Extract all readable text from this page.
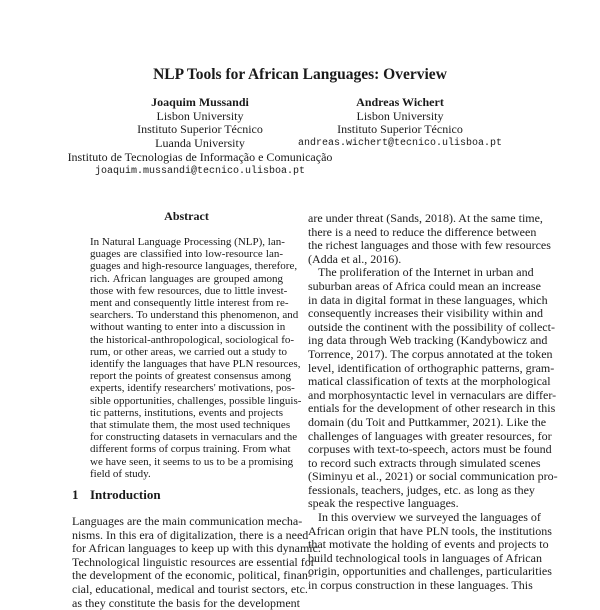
NLP Tools for African Languages: Overview
Joaquim Mussandi
Lisbon University
Instituto Superior Técnico
Luanda University
Instituto de Tecnologias de Informação e Comunicação
joaquim.mussandi@tecnico.ulisboa.pt
Andreas Wichert
Lisbon University
Instituto Superior Técnico
andreas.wichert@tecnico.ulisboa.pt
Abstract
In Natural Language Processing (NLP), lan-
guages are classified into low-resource lan-
guages and high-resource languages, therefore,
rich. African languages are grouped among
those with few resources, due to little invest-
ment and consequently little interest from re-
searchers. To understand this phenomenon, and
without wanting to enter into a discussion in
the historical-anthropological, sociological fo-
rum, or other areas, we carried out a study to
identify the languages that have PLN resources,
report the points of greatest consensus among
experts, identify researchers' motivations, pos-
sible opportunities, challenges, possible linguis-
tic patterns, institutions, events and projects
that stimulate them, the most used techniques
for constructing datasets in vernaculars and the
different forms of corpus training. From what
we have seen, it seems to us to be a promising
field of study.
1 Introduction
Languages are the main communication mecha-
nisms. In this era of digitalization, there is a need
for African languages to keep up with this dynamic.
Technological linguistic resources are essential for
the development of the economic, political, finan-
cial, educational, medical and tourist sectors, etc.
as they constitute the basis for the development
are under threat (Sands, 2018). At the same time,
there is a need to reduce the difference between
the richest languages and those with few resources
(Adda et al., 2016).
The proliferation of the Internet in urban and
suburban areas of Africa could mean an increase
in data in digital format in these languages, which
consequently increases their visibility within and
outside the continent with the possibility of collect-
ing data through Web tracking (Kandybowicz and
Torrence, 2017). The corpus annotated at the token
level, identification of orthographic patterns, gram-
matical classification of texts at the morphological
and morphosyntactic level in vernaculars are differ-
entials for the development of other research in this
domain (du Toit and Puttkammer, 2021). Like the
challenges of languages with greater resources, for
corpuses with text-to-speech, actors must be found
to record such extracts through simulated scenes
(Siminyu et al., 2021) or social communication pro-
fessionals, teachers, judges, etc. as long as they
speak the respective languages.
In this overview we surveyed the languages of
African origin that have PLN tools, the institutions
that motivate the holding of events and projects to
build technological tools in languages of African
origin, opportunities and challenges, particularities
in corpus construction in these languages. This
